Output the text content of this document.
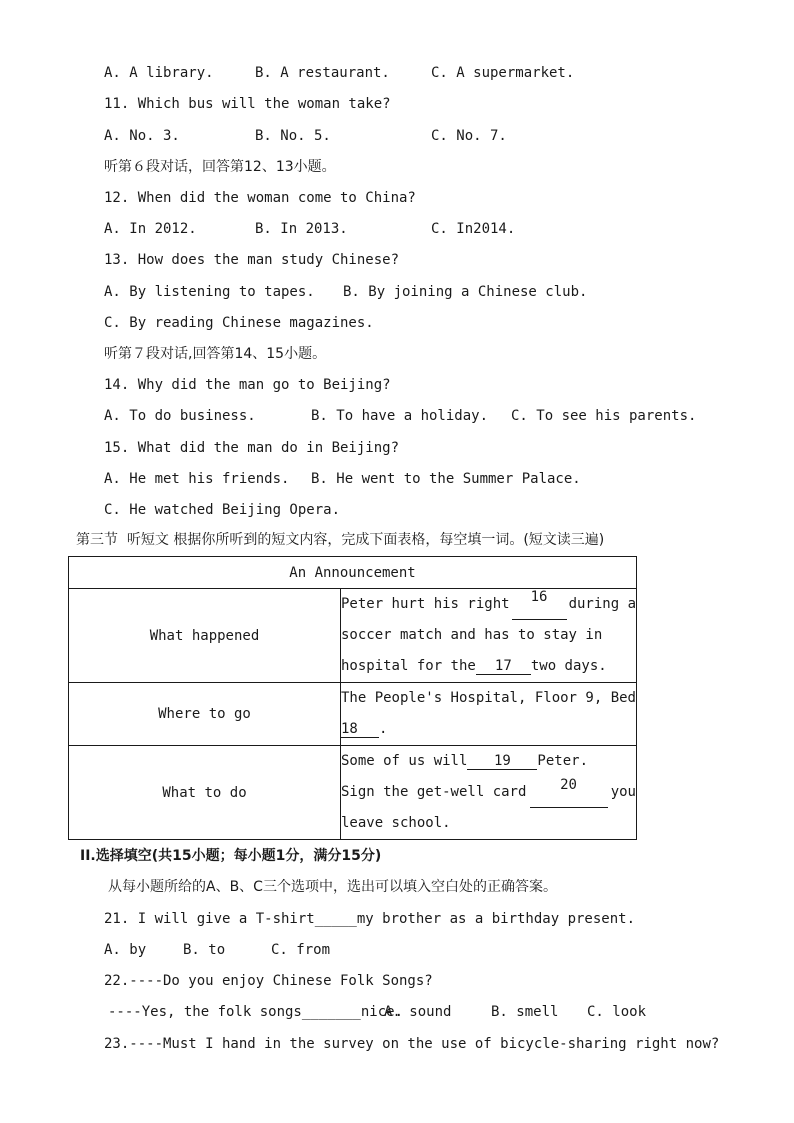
A. A library.	B. A restaurant.	C. A supermarket.
11. Which bus will the woman take?
A. No. 3.	B. No. 5.	C. No. 7.
听第６段对话，回答第12、13小题。
12. When did the woman come to China?
A. In 2012.	B. In 2013.	C. In2014.
13. How does the man study Chinese?
A. By listening to tapes. B. By joining a Chinese club.
C. By reading Chinese magazines.
听第７段对话,回答第14、15小题。
14. Why did the man go to Beijing?
A. To do business.	B. To have a holiday. C. To see his parents.
15. What did the man do in Beijing?
A. He met his friends. B. He went to the Summer Palace.
C. He watched Beijing Opera.
第三节  听短文 根据你所听到的短文内容，完成下面表格，每空填一词。(短文读三遍)
An Announcement	
What happened	Peter hurt his right 16 during a
soccer match and has to stay in
hospital for the 17 two days.

Where to go	The People's Hospital, Floor 9, Bed
18 .

What to do	Some of us will 19 Peter.
Sign the get-well card 20 you
leave school.
II.选择填空(共15小题；每小题1分，满分15分)
从每小题所给的A、B、C三个选项中，选出可以填入空白处的正确答案。
21. I will give a T-shirt_____my brother as a birthday present.
A. by	B. to	C. from
22.----Do you enjoy Chinese Folk Songs?
----Yes, the folk songs_______nice.
A. sound	B. smell C. look
23.----Must I hand in the survey on the use of bicycle-sharing right now?
